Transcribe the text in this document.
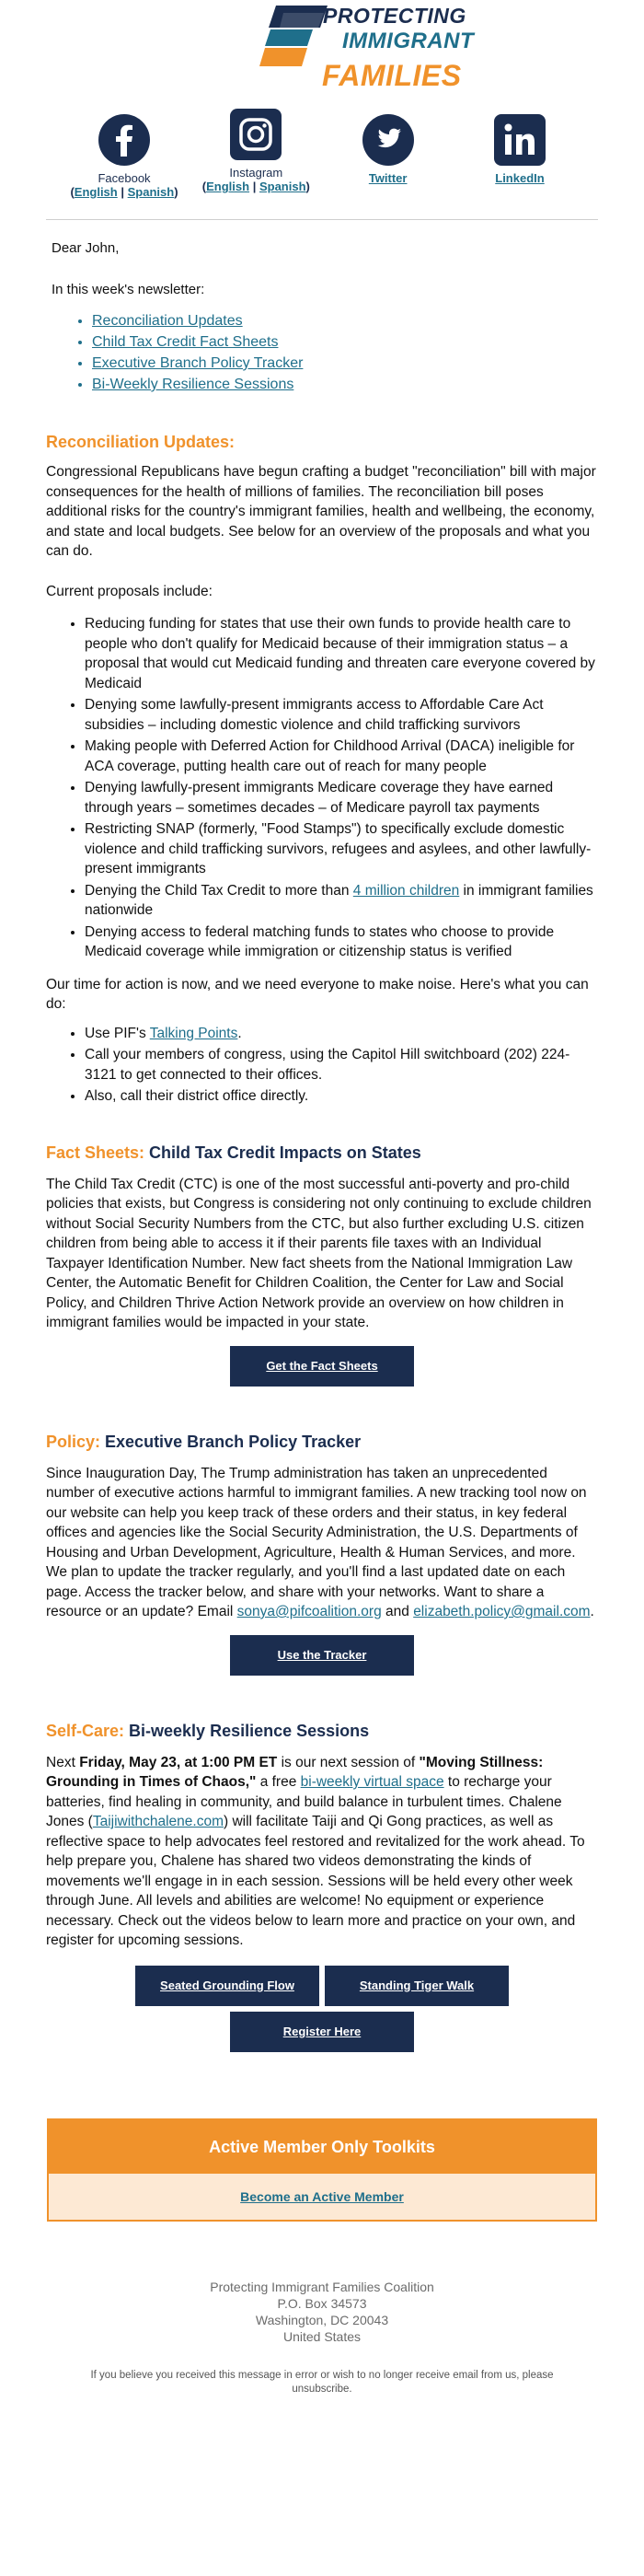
PROTECTING
IMMIGRANT
FAMILIES
Facebook
(English | Spanish)
Instagram
(English | Spanish)
Twitter	LinkedIn

Dear John,

In this week's newsletter:

• Reconciliation Updates
• Child Tax Credit Fact Sheets
• Executive Branch Policy Tracker
• Bi-Weekly Resilience Sessions
Reconciliation Updates:

Congressional Republicans have begun crafting a budget "reconciliation" bill with major consequences for the health of millions of families. The reconciliation bill poses additional risks for the country's immigrant families, health and wellbeing, the economy, and state and local budgets. See below for an overview of the proposals and what you can do.

Current proposals include:

• Reducing funding for states that use their own funds to provide health care to people who don't qualify for Medicaid because of their immigration status – a proposal that would cut Medicaid funding and threaten care everyone covered by Medicaid
• Denying some lawfully-present immigrants access to Affordable Care Act subsidies – including domestic violence and child trafficking survivors
• Making people with Deferred Action for Childhood Arrival (DACA) ineligible for ACA coverage, putting health care out of reach for many people
• Denying lawfully-present immigrants Medicare coverage they have earned through years – sometimes decades – of Medicare payroll tax payments
• Restricting SNAP (formerly, "Food Stamps") to specifically exclude domestic violence and child trafficking survivors, refugees and asylees, and other lawfully-present immigrants
• Denying the Child Tax Credit to more than 4 million children in immigrant families nationwide
• Denying access to federal matching funds to states who choose to provide Medicaid coverage while immigration or citizenship status is verified

Our time for action is now, and we need everyone to make noise. Here's what you can do:

• Use PIF's Talking Points.
• Call your members of congress, using the Capitol Hill switchboard (202) 224-3121 to get connected to their offices.
• Also, call their district office directly.
Fact Sheets: Child Tax Credit Impacts on States

The Child Tax Credit (CTC) is one of the most successful anti-poverty and pro-child policies that exists, but Congress is considering not only continuing to exclude children without Social Security Numbers from the CTC, but also further excluding U.S. citizen children from being able to access it if their parents file taxes with an Individual Taxpayer Identification Number. New fact sheets from the National Immigration Law Center, the Automatic Benefit for Children Coalition, the Center for Law and Social Policy, and Children Thrive Action Network provide an overview on how children in immigrant families would be impacted in your state.

Get the Fact Sheets
Policy: Executive Branch Policy Tracker

Since Inauguration Day, The Trump administration has taken an unprecedented number of executive actions harmful to immigrant families. A new tracking tool now on our website can help you keep track of these orders and their status, in key federal offices and agencies like the Social Security Administration, the U.S. Departments of Housing and Urban Development, Agriculture, Health & Human Services, and more. We plan to update the tracker regularly, and you'll find a last updated date on each page. Access the tracker below, and share with your networks. Want to share a resource or an update? Email sonya@pifcoalition.org and elizabeth.policy@gmail.com.

Use the Tracker
Self-Care: Bi-weekly Resilience Sessions

Next Friday, May 23, at 1:00 PM ET is our next session of "Moving Stillness: Grounding in Times of Chaos," a free bi-weekly virtual space to recharge your batteries, find healing in community, and build balance in turbulent times. Chalene Jones (Taijiwithchalene.com) will facilitate Taiji and Qi Gong practices, as well as reflective space to help advocates feel restored and revitalized for the work ahead. To help prepare you, Chalene has shared two videos demonstrating the kinds of movements we'll engage in in each session. Sessions will be held every other week through June. All levels and abilities are welcome! No equipment or experience necessary. Check out the videos below to learn more and practice on your own, and register for upcoming sessions.

Seated Grounding Flow	Standing Tiger Walk
Register Here
Active Member Only Toolkits
Become an Active Member
Protecting Immigrant Families Coalition
P.O. Box 34573
Washington, DC 20043
United States
If you believe you received this message in error or wish to no longer receive email from us, please unsubscribe.
